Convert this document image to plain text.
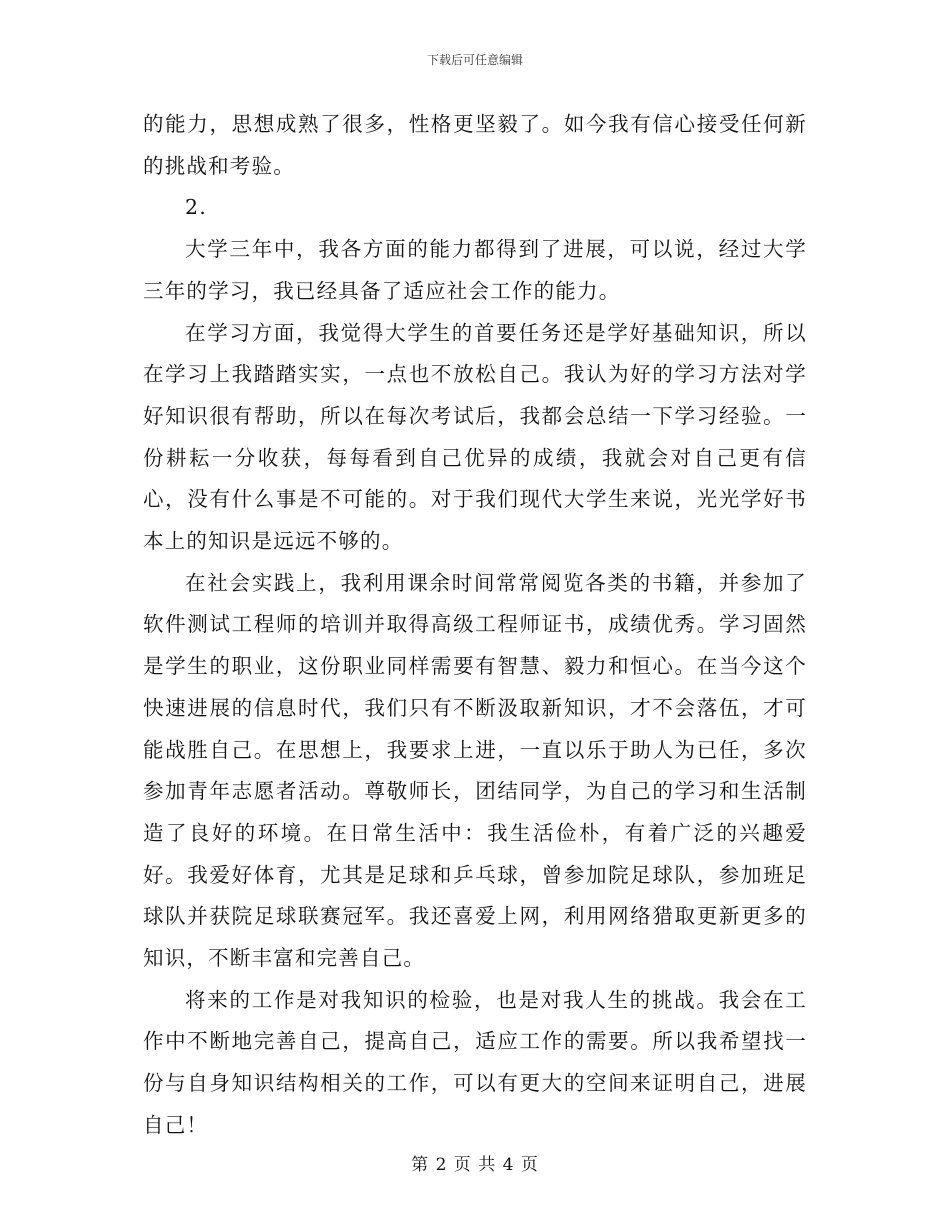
下载后可任意编辑

的能力，思想成熟了很多，性格更坚毅了。如今我有信心接受任何新的挑战和考验。

2.

大学三年中，我各方面的能力都得到了进展，可以说，经过大学三年的学习，我已经具备了适应社会工作的能力。

在学习方面，我觉得大学生的首要任务还是学好基础知识，所以在学习上我踏踏实实，一点也不放松自己。我认为好的学习方法对学好知识很有帮助，所以在每次考试后，我都会总结一下学习经验。一份耕耘一分收获，每每看到自己优异的成绩，我就会对自己更有信心，没有什么事是不可能的。对于我们现代大学生来说，光光学好书本上的知识是远远不够的。

在社会实践上，我利用课余时间常常阅览各类的书籍，并参加了软件测试工程师的培训并取得高级工程师证书，成绩优秀。学习固然是学生的职业，这份职业同样需要有智慧、毅力和恒心。在当今这个快速进展的信息时代，我们只有不断汲取新知识，才不会落伍，才可能战胜自己。在思想上，我要求上进，一直以乐于助人为已任，多次参加青年志愿者活动。尊敬师长，团结同学，为自己的学习和生活制造了良好的环境。在日常生活中：我生活俭朴，有着广泛的兴趣爱好。我爱好体育，尤其是足球和乒乓球，曾参加院足球队，参加班足球队并获院足球联赛冠军。我还喜爱上网，利用网络猎取更新更多的知识，不断丰富和完善自己。

将来的工作是对我知识的检验，也是对我人生的挑战。我会在工作中不断地完善自己，提高自己，适应工作的需要。所以我希望找一份与自身知识结构相关的工作，可以有更大的空间来证明自己，进展自己！

第 2 页 共 4 页
